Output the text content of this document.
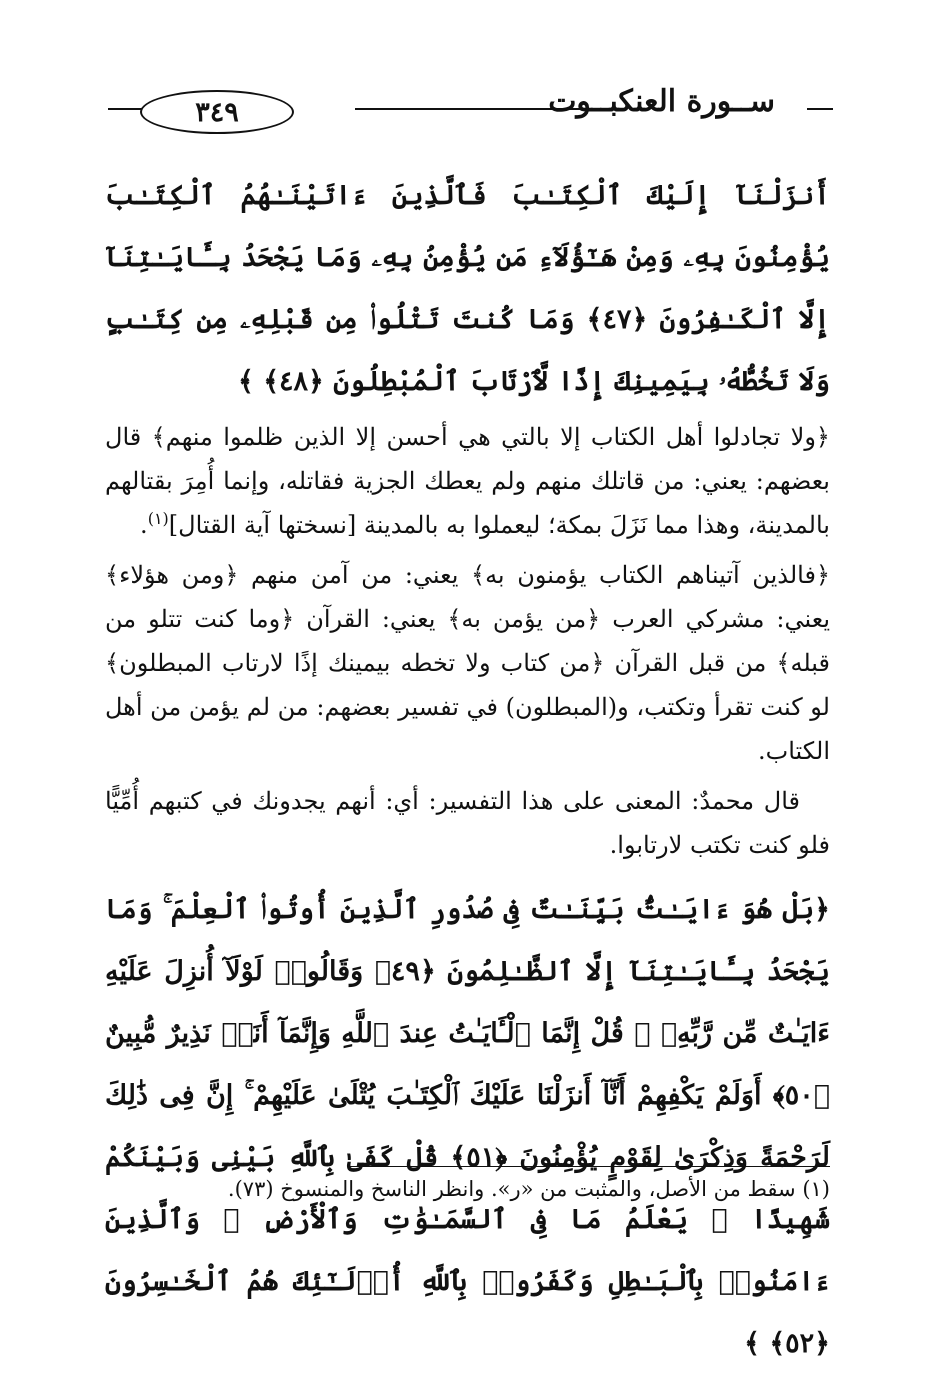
٣٤٩	ســورة العنكبــوت

أَنزَلْنَآ إِلَيْكَ ٱلْكِتَـٰبَ فَٱلَّذِينَ ءَاتَيْنَـٰهُمُ ٱلْكِتَـٰبَ يُؤْمِنُونَ بِهِۦ وَمِنْ هَـٰٓؤُلَآءِ مَن يُؤْمِنُ بِهِۦ وَمَا يَجْحَدُ بِـَٔايَـٰتِنَآ إِلَّا ٱلْكَـٰفِرُونَ ﴿٤٧﴾ وَمَا كُنتَ تَتْلُوا۟ مِن قَبْلِهِۦ مِن كِتَـٰبٍ وَلَا تَخُطُّهُۥ بِيَمِينِكَ إِذًا لَّٱرْتَابَ ٱلْمُبْطِلُونَ ﴿٤٨﴾ ﴾

﴿ولا تجادلوا أهل الكتاب إلا بالتي هي أحسن إلا الذين ظلموا منهم﴾ قال بعضهم: يعني: من قاتلك منهم ولم يعطك الجزية فقاتله، وإنما أُمِرَ بقتالهم بالمدينة، وهذا مما نَزَلَ بمكة؛ ليعملوا به بالمدينة [نسختها آية القتال]$^{(١)}$.

﴿فالذين آتيناهم الكتاب يؤمنون به﴾ يعني: من آمن منهم ﴿ومن هؤلاء﴾ يعني: مشركي العرب ﴿من يؤمن به﴾ يعني: القرآن ﴿وما كنت تتلو من قبله﴾ من قبل القرآن ﴿من كتاب ولا تخطه بيمينك إذًا لارتاب المبطلون﴾ لو كنت تقرأ وتكتب، و(المبطلون) في تفسير بعضهم: من لم يؤمن من أهل الكتاب.

قال محمدٌ: المعنى على هذا التفسير: أي: أنهم يجدونك في كتبهم أُمِّيًّا فلو كنت تكتب لارتابوا.

﴿بَلْ هُوَ ءَايَـٰتٌۢ بَيِّنَـٰتٌ فِى صُدُورِ ٱلَّذِينَ أُوتُوا۟ ٱلْعِلْمَ ۚ وَمَا يَجْحَدُ بِـَٔايَـٰتِنَآ إِلَّا ٱلظَّـٰلِمُونَ ﴿٤٩﴾ وَقَالُوا۟ لَوْلَآ أُنزِلَ عَلَيْهِ ءَايَـٰتٌ مِّن رَّبِّهِۦ ۖ قُلْ إِنَّمَا ٱلْـَٔايَـٰتُ عِندَ ٱللَّهِ وَإِنَّمَآ أَنَا۠ نَذِيرٌ مُّبِينٌ ﴿٥٠﴾ أَوَلَمْ يَكْفِهِمْ أَنَّآ أَنزَلْنَا عَلَيْكَ ٱلْكِتَـٰبَ يُتْلَىٰ عَلَيْهِمْ ۚ إِنَّ فِى ذَٰلِكَ لَرَحْمَةً وَذِكْرَىٰ لِقَوْمٍ يُؤْمِنُونَ ﴿٥١﴾ قُلْ كَفَىٰ بِٱللَّهِ بَيْنِى وَبَيْنَكُمْ شَهِيدًا ۖ يَعْلَمُ مَا فِى ٱلسَّمَـٰوَٰتِ وَٱلْأَرْضِ ۗ وَٱلَّذِينَ ءَامَنُوا۟ بِٱلْبَـٰطِلِ وَكَفَرُوا۟ بِٱللَّهِ أُو۟لَـٰٓئِكَ هُمُ ٱلْخَـٰسِرُونَ ﴿٥٢﴾ ﴾

(١) سقط من الأصل، والمثبت من «ر». وانظر الناسخ والمنسوخ (٧٣).
